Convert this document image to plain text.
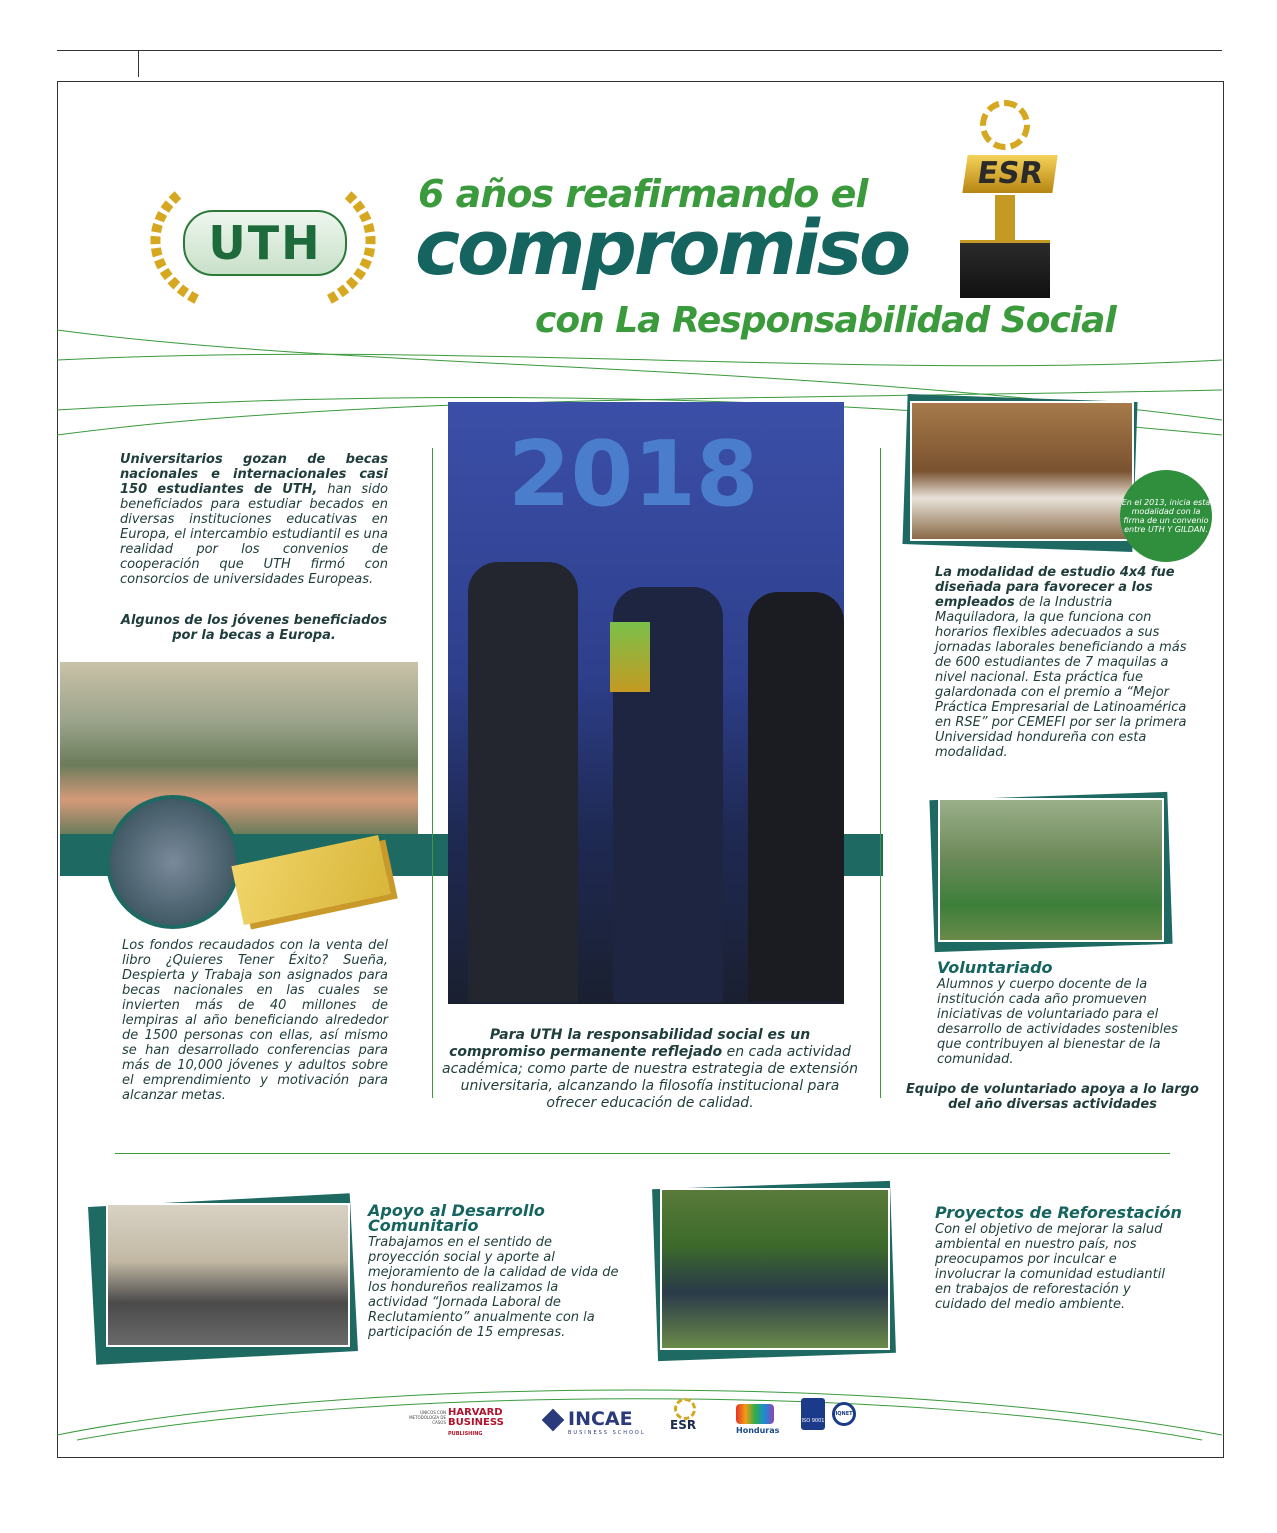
UTH
6 años reafirmando el
compromiso
con La Responsabilidad Social
ESR
Universitarios gozan de becas nacionales e internacionales casi 150 estudiantes de UTH, han sido beneficiados para estudiar becados en diversas instituciones educativas en Europa, el intercambio estudiantil es una realidad por los convenios de cooperación que UTH firmó con consorcios de universidades Europeas.
Algunos de los jóvenes beneficiados por la becas a Europa.
Los fondos recaudados con la venta del libro ¿Quieres Tener Éxito? Sueña, Despierta y Trabaja son asignados para becas nacionales en las cuales se invierten más de 40 millones de lempiras al año beneficiando alrededor de 1500 personas con ellas, así mismo se han desarrollado conferencias para más de 10,000 jóvenes y adultos sobre el emprendimiento y motivación para alcanzar metas.
2018
Para UTH la responsabilidad social es un compromiso permanente reflejado en cada actividad académica; como parte de nuestra estrategia de extensión universitaria, alcanzando la filosofía institucional para ofrecer educación de calidad.
En el 2013, inicia esta modalidad con la firma de un convenio entre UTH Y GILDAN.
La modalidad de estudio 4x4 fue diseñada para favorecer a los empleados de la Industria Maquiladora, la que funciona con horarios flexibles adecuados a sus jornadas laborales beneficiando a más de 600 estudiantes de 7 maquilas a nivel nacional. Esta práctica fue galardonada con el premio a “Mejor Práctica Empresarial de Latinoamérica en RSE” por CEMEFI por ser la primera Universidad hondureña con esta modalidad.
Voluntariado
Alumnos y cuerpo docente de la institución cada año promueven iniciativas de voluntariado para el desarrollo de actividades sostenibles que contribuyen al bienestar de la comunidad.
Equipo de voluntariado apoya a lo largo del año diversas actividades
Apoyo al Desarrollo Comunitario
Trabajamos en el sentido de proyección social y aporte al mejoramiento de la calidad de vida de los hondureños realizamos la actividad “Jornada Laboral de Reclutamiento” anualmente con la participación de 15 empresas.
Proyectos de Reforestación
Con el objetivo de mejorar la salud ambiental en nuestro país, nos preocupamos por inculcar e involucrar la comunidad estudiantil en trabajos de reforestación y cuidado del medio ambiente.
ÚNICOS CON METODOLOGÍA DE CASOS
HARVARD BUSINESS
PUBLISHING
INCAE
BUSINESS SCHOOL
ESR	Honduras
ISO 9001
IQNET
